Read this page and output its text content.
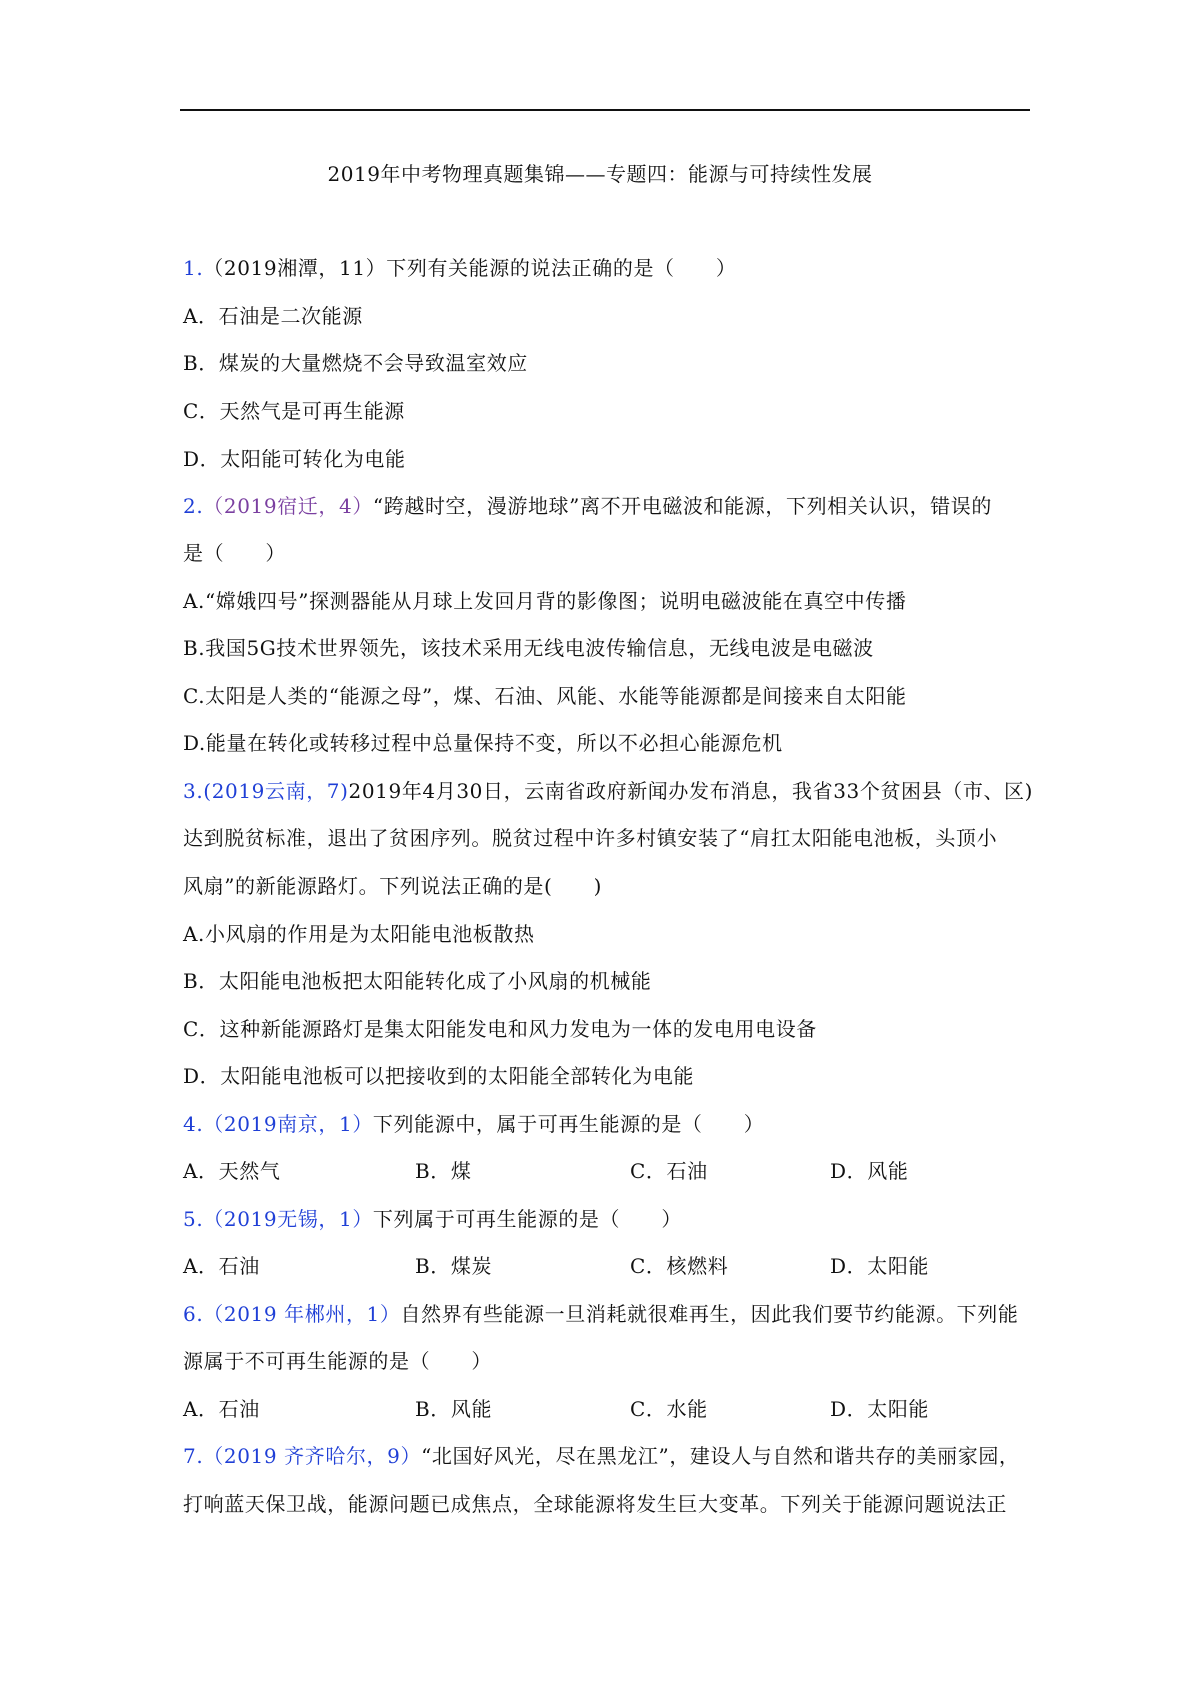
2019年中考物理真题集锦——专题四：能源与可持续性发展
1.（2019湘潭，11）下列有关能源的说法正确的是（　　）
A．石油是二次能源
B．煤炭的大量燃烧不会导致温室效应
C．天然气是可再生能源
D．太阳能可转化为电能
2.（2019宿迁，4）“跨越时空，漫游地球”离不开电磁波和能源，下列相关认识，错误的
是（　　）
A.“嫦娥四号”探测器能从月球上发回月背的影像图；说明电磁波能在真空中传播
B.我国5G技术世界领先，该技术采用无线电波传输信息，无线电波是电磁波
C.太阳是人类的“能源之母”，煤、石油、风能、水能等能源都是间接来自太阳能
D.能量在转化或转移过程中总量保持不变，所以不必担心能源危机
3.(2019云南，7)2019年4月30日，云南省政府新闻办发布消息，我省33个贫困县（市、区)
达到脱贫标准，退出了贫困序列。脱贫过程中许多村镇安装了“肩扛太阳能电池板，头顶小
风扇”的新能源路灯。下列说法正确的是(　　)
A.小风扇的作用是为太阳能电池板散热
B．太阳能电池板把太阳能转化成了小风扇的机械能
C．这种新能源路灯是集太阳能发电和风力发电为一体的发电用电设备
D．太阳能电池板可以把接收到的太阳能全部转化为电能
4.（2019南京，1）下列能源中，属于可再生能源的是（　　）
A．天然气	B．煤	C．石油	D．风能
5.（2019无锡，1）下列属于可再生能源的是（　　）
A．石油	B．煤炭	C．核燃料	D．太阳能
6.（2019 年郴州，1）自然界有些能源一旦消耗就很难再生，因此我们要节约能源。下列能
源属于不可再生能源的是（　　）
A．石油	B．风能	C．水能	D．太阳能
7.（2019 齐齐哈尔，9）“北国好风光，尽在黑龙江”，建设人与自然和谐共存的美丽家园，
打响蓝天保卫战，能源问题已成焦点，全球能源将发生巨大变革。下列关于能源问题说法正
